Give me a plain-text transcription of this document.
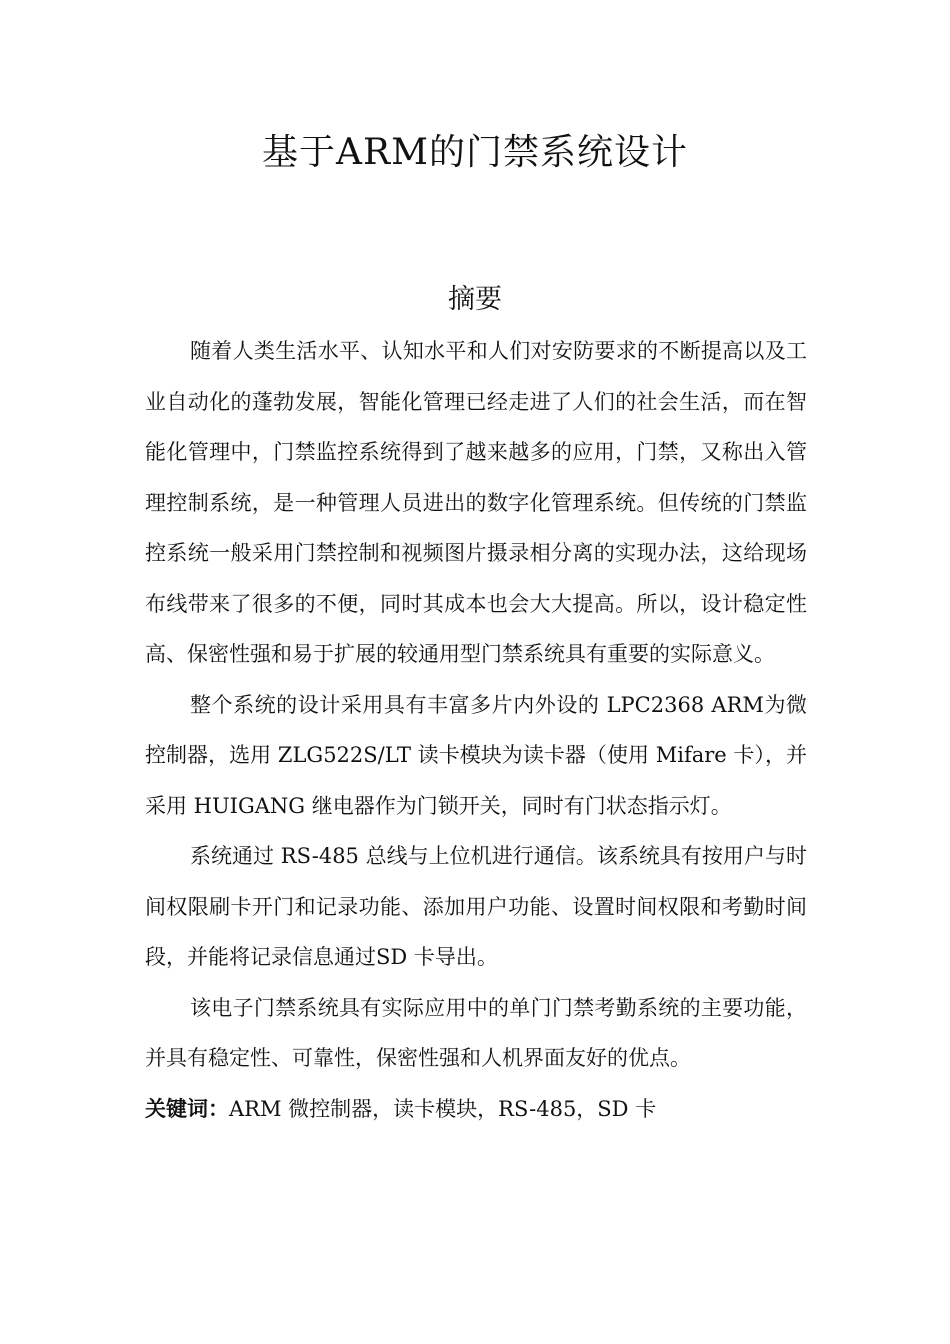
基于ARM的门禁系统设计
摘要

随着人类生活水平、认知水平和人们对安防要求的不断提高以及工业自动化的蓬勃发展，智能化管理已经走进了人们的社会生活，而在智能化管理中，门禁监控系统得到了越来越多的应用，门禁，又称出入管理控制系统，是一种管理人员进出的数字化管理系统。但传统的门禁监控系统一般采用门禁控制和视频图片摄录相分离的实现办法，这给现场布线带来了很多的不便，同时其成本也会大大提高。所以，设计稳定性高、保密性强和易于扩展的较通用型门禁系统具有重要的实际意义。

整个系统的设计采用具有丰富多片内外设的 LPC2368 ARM为微控制器，选用 ZLG522S/LT 读卡模块为读卡器（使用 Mifare 卡），并采用 HUIGANG 继电器作为门锁开关，同时有门状态指示灯。

系统通过 RS-485 总线与上位机进行通信。该系统具有按用户与时间权限刷卡开门和记录功能、添加用户功能、设置时间权限和考勤时间段，并能将记录信息通过SD 卡导出。

该电子门禁系统具有实际应用中的单门门禁考勤系统的主要功能，并具有稳定性、可靠性，保密性强和人机界面友好的优点。

关键词：ARM 微控制器，读卡模块，RS-485，SD 卡
